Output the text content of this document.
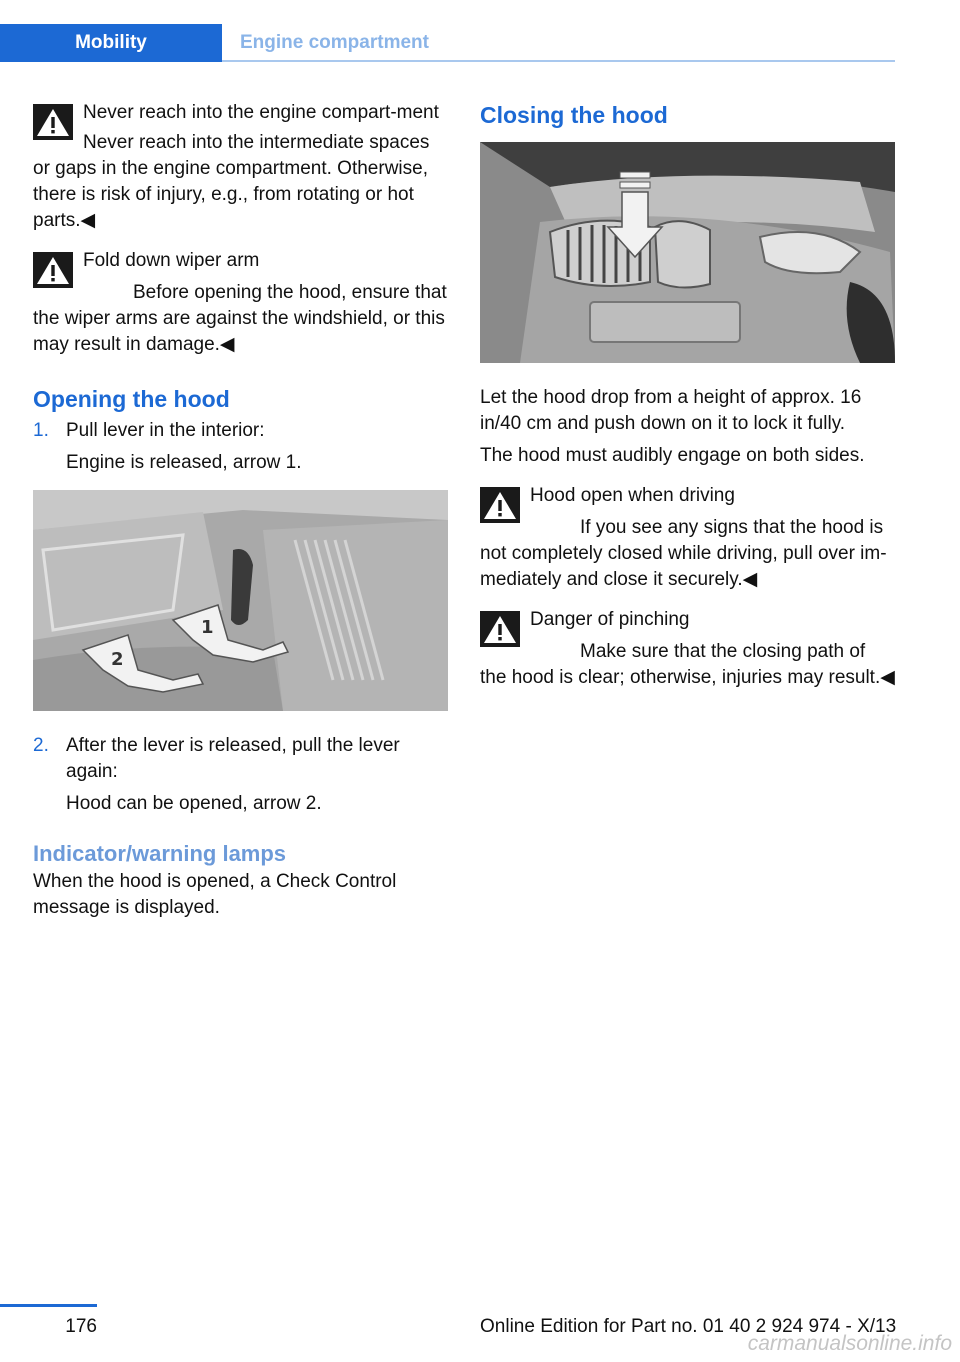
Mobility	Engine compartment
Never reach into the engine compart‐ment
Never reach into the intermediate spaces or gaps in the engine compartment. Otherwise, there is risk of injury, e.g., from rotating or hot parts.◀
Fold down wiper arm
Before opening the hood, ensure that the wiper arms are against the windshield, or this may result in damage.◀
Opening the hood
1. Pull lever in the interior:

Engine is released, arrow 1.

1
2
2. After the lever is released, pull the lever again:

Hood can be opened, arrow 2.

Indicator/warning lamps

When the hood is opened, a Check Control message is displayed.

Closing the hood

Let the hood drop from a height of approx. 16 in/40 cm and push down on it to lock it fully.

The hood must audibly engage on both sides.

Hood open when driving
If you see any signs that the hood is not completely closed while driving, pull over im‐mediately and close it securely.◀
Danger of pinching
Make sure that the closing path of the hood is clear; otherwise, injuries may result.◀
176	Online Edition for Part no. 01 40 2 924 974 - X/13
carmanualsonline.info
